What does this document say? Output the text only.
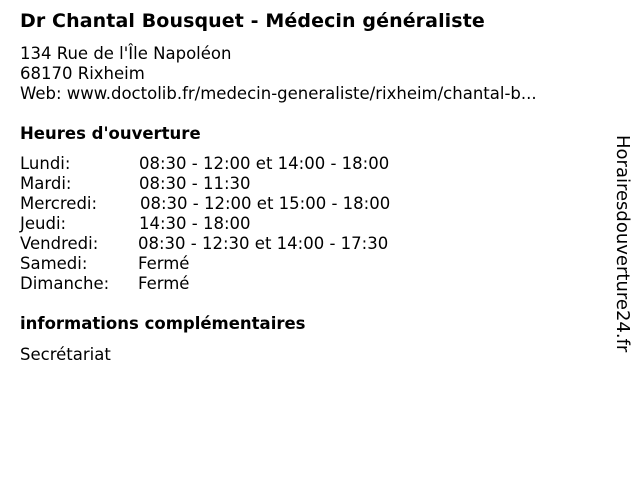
Dr Chantal Bousquet - Médecin généraliste
134 Rue de l'Île Napoléon
68170 Rixheim
Web: www.doctolib.fr/medecin-generaliste/rixheim/chantal-b...
Heures d'ouverture
Lundi:	08:30 - 12:00 et 14:00 - 18:00
Mardi:	08:30 - 11:30
Mercredi:	08:30 - 12:00 et 15:00 - 18:00
Jeudi:	14:30 - 18:00
Vendredi: 08:30 - 12:30 et 14:00 - 17:30
Samedi:	Fermé
Dimanche: Fermé
informations complémentaires
Secrétariat
Horairesdouverture24.fr
